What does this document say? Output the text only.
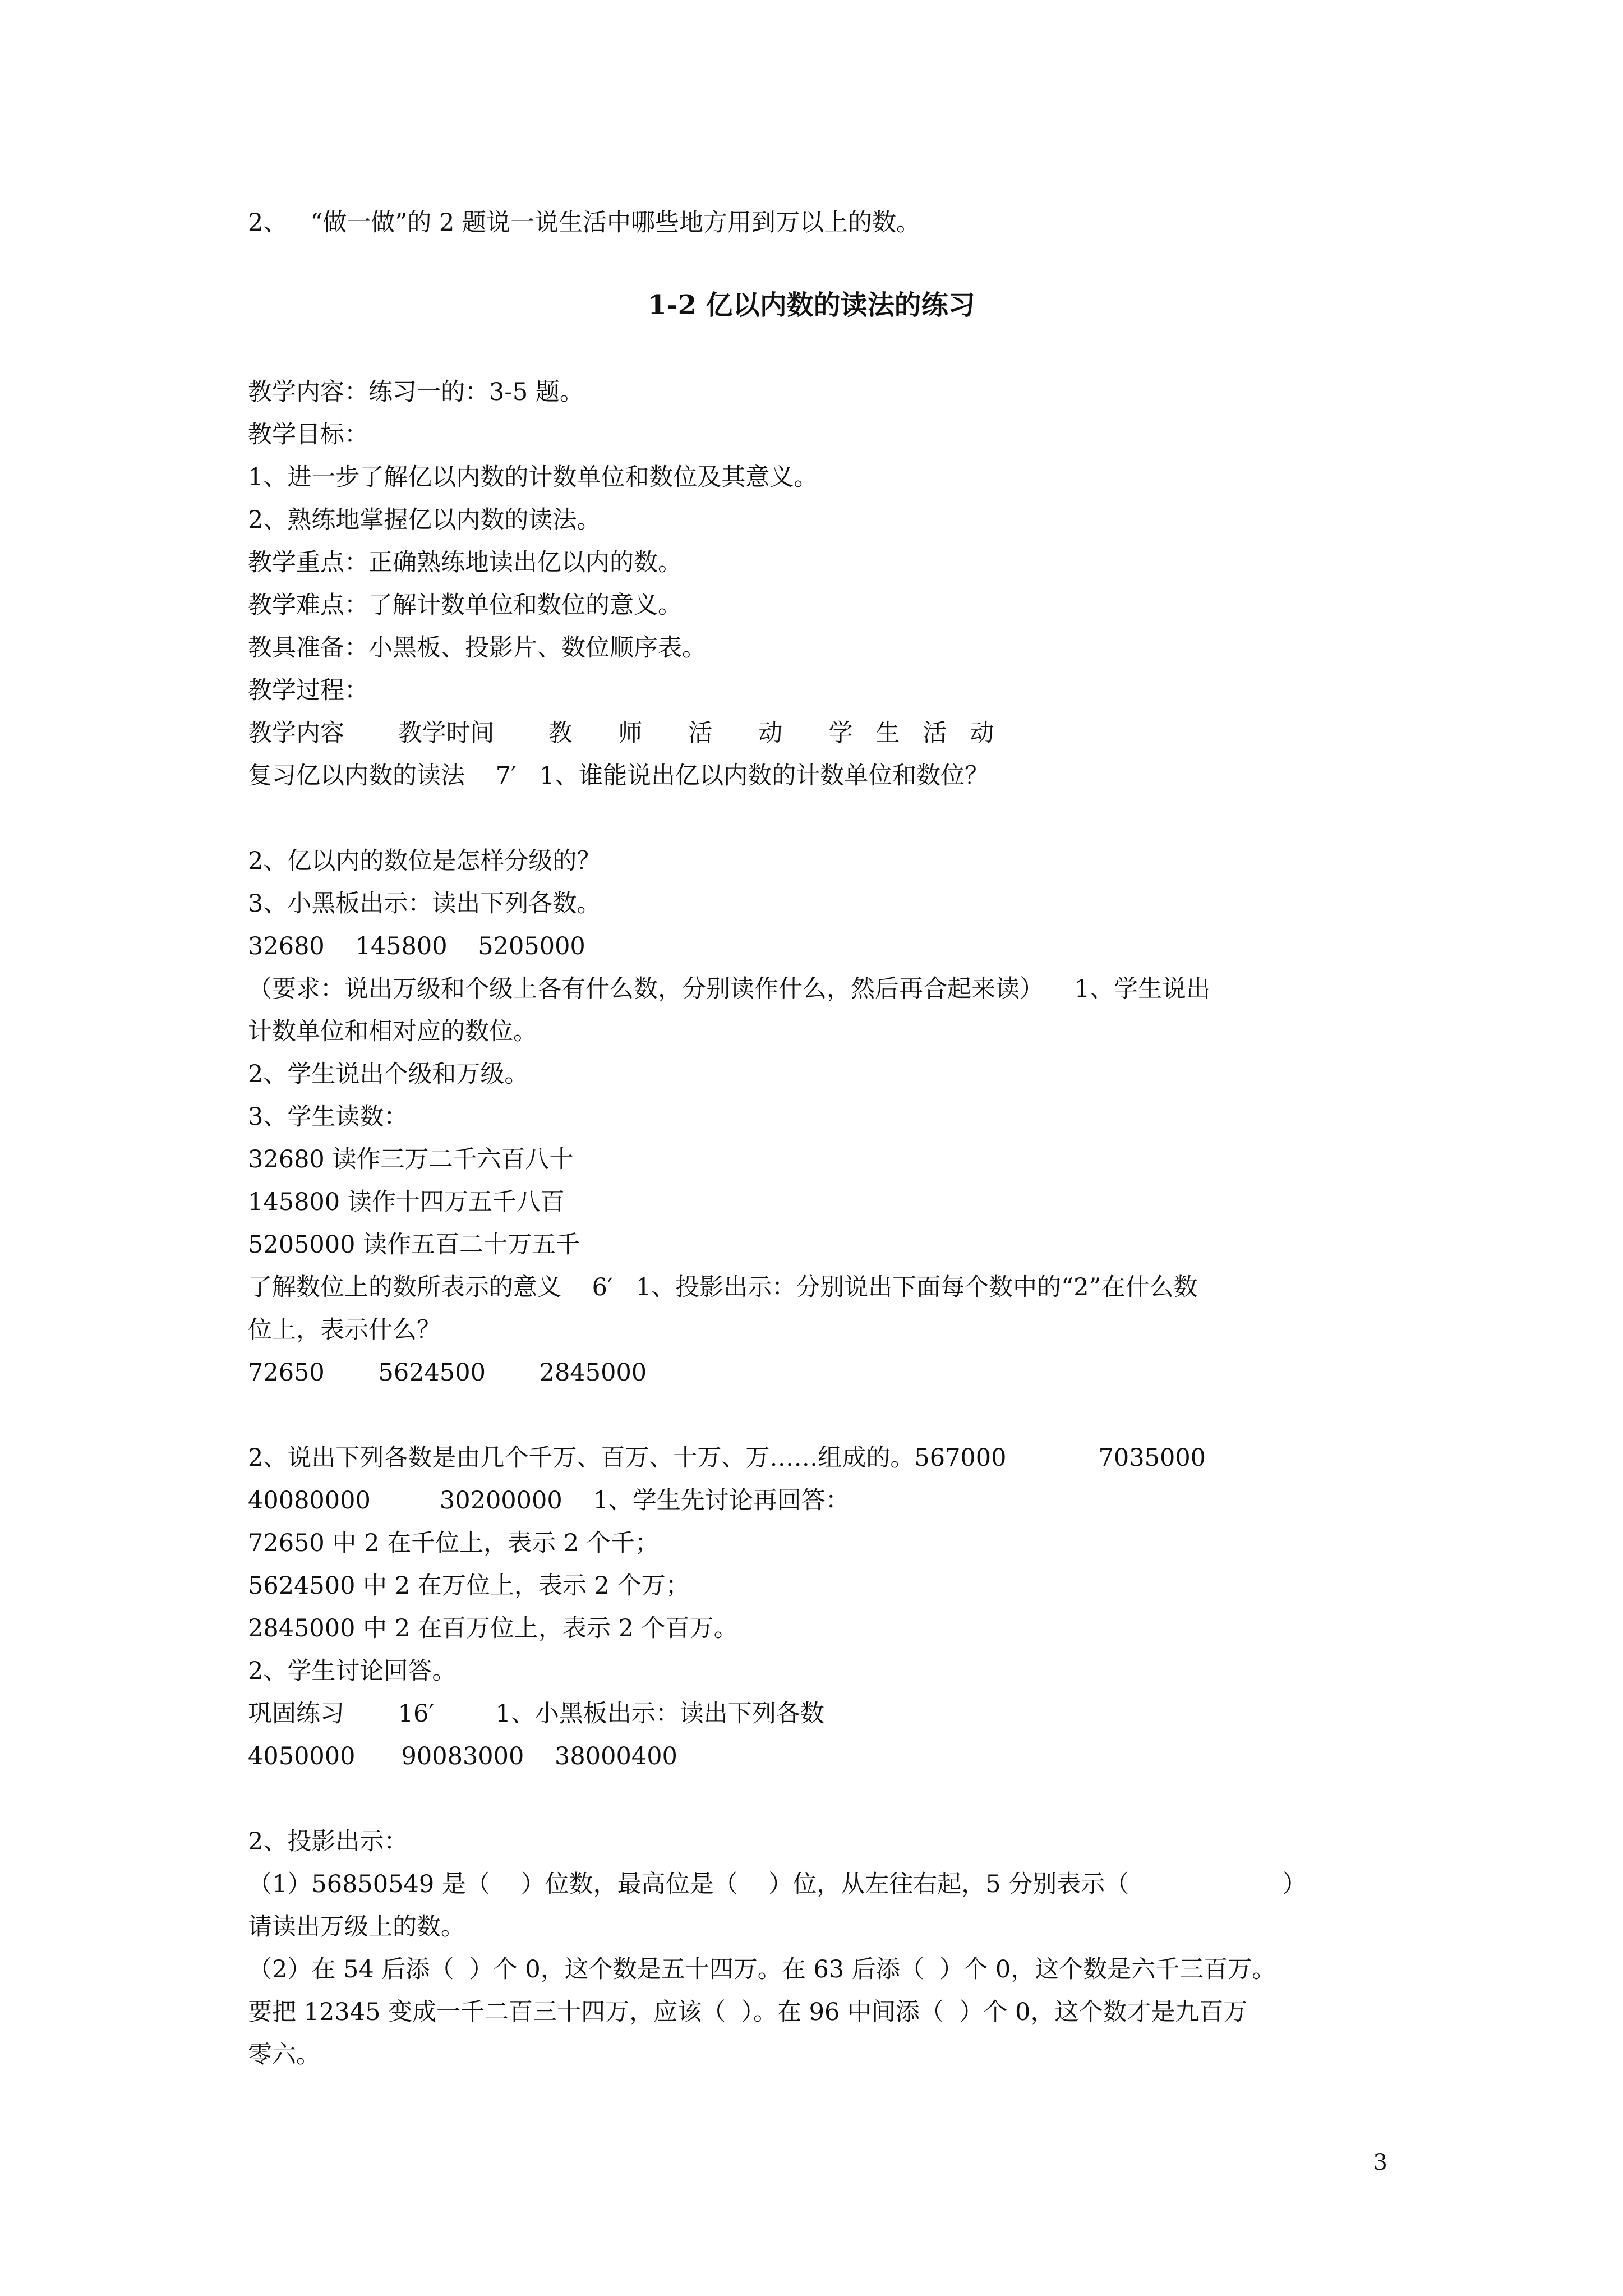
2、   “做一做”的 2 题说一说生活中哪些地方用到万以上的数。

1-2 亿以内数的读法的练习

教学内容：练习一的：3-5 题。

教学目标：

1、进一步了解亿以内数的计数单位和数位及其意义。

2、熟练地掌握亿以内数的读法。

教学重点：正确熟练地读出亿以内的数。

教学难点：了解计数单位和数位的意义。

教具准备：小黑板、投影片、数位顺序表。

教学过程：

教学内容       教学时间       教      师      活      动      学   生   活   动

复习亿以内数的读法    7′   1、谁能说出亿以内数的计数单位和数位？

2、亿以内的数位是怎样分级的？

3、小黑板出示：读出下列各数。

32680    145800    5205000

（要求：说出万级和个级上各有什么数，分别读作什么，然后再合起来读）    1、学生说出

计数单位和相对应的数位。

2、学生说出个级和万级。

3、学生读数：

32680 读作三万二千六百八十

145800 读作十四万五千八百

5205000 读作五百二十万五千

了解数位上的数所表示的意义    6′   1、投影出示：分别说出下面每个数中的“2”在什么数

位上，表示什么？

72650       5624500       2845000

2、说出下列各数是由几个千万、百万、十万、万……组成的。567000            7035000

40080000         30200000    1、学生先讨论再回答：

72650 中 2 在千位上，表示 2 个千；

5624500 中 2 在万位上，表示 2 个万；

2845000 中 2 在百万位上，表示 2 个百万。

2、学生讨论回答。

巩固练习       16′        1、小黑板出示：读出下列各数

4050000      90083000    38000400

2、投影出示：

（1）56850549 是（    ）位数，最高位是（    ）位，从左往右起，5 分别表示（                    ）

请读出万级上的数。

（2）在 54 后添（  ）个 0，这个数是五十四万。在 63 后添（  ）个 0，这个数是六千三百万。

要把 12345 变成一千二百三十四万，应该（  ）。在 96 中间添（  ）个 0，这个数才是九百万

零六。

3
